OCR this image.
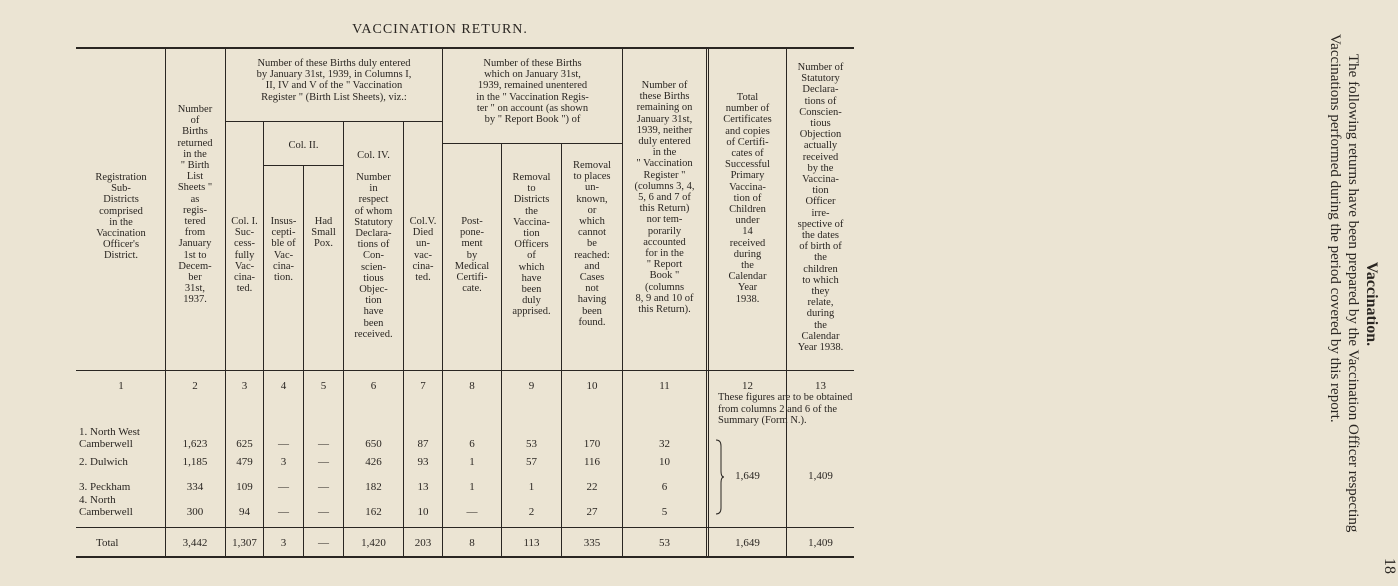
VACCINATION RETURN.
18
Vaccination.
The following returns have been prepared by the Vaccination Officer respecting Vaccinations performed during the period covered by this report.
Registration
Sub-
Districts
comprised
in the
Vaccination
Officer's
District.
Number
of
Births
returned
in the
" Birth
List
Sheets "
as
regis-
tered
from
January
1st to
Decem-
ber
31st,
1937.
Number of these Births duly entered
by January 31st, 1939, in Columns I,
II, IV and V of the " Vaccination
Register " (Birth List Sheets), viz.:
Col. I.
Suc-
cess-
fully
Vac-
cina-
ted.
Col. II.
Insus-
cepti-
ble of
Vac-
cina-
tion.
Had
Small
Pox.
Col. IV.
Number
in
respect
of whom
Statutory
Declara-
tions of
Con-
scien-
tious
Objec-
tion
have
been
received.
Col.V.
Died
un-
vac-
cina-
ted.
Number of these Births
which on January 31st,
1939, remained unentered
in the " Vaccination Regis-
ter " on account (as shown
by " Report Book ") of
Post-
pone-
ment
by
Medical
Certifi-
cate.
Removal
to
Districts
the
Vaccina-
tion
Officers
of
which
have
been
duly
apprised.
Removal
to places
un-
known,
or
which
cannot
be
reached:
and
Cases
not
having
been
found.
Number of
these Births
remaining on
January 31st,
1939, neither
duly entered
in the
" Vaccination
Register "
(columns 3, 4,
5, 6 and 7 of
this Return)
nor tem-
porarily
accounted
for in the
" Report
Book "
(columns
8, 9 and 10 of
this Return).
Total
number of
Certificates
and copies
of Certifi-
cates of
Successful
Primary
Vaccina-
tion of
Children
under
14
received
during
the
Calendar
Year
1938.
Number of
Statutory
Declara-
tions of
Conscien-
tious
Objection
actually
received
by the
Vaccina-
tion
Officer
irre-
spective of
the dates
of birth of
the
children
to which
they
relate,
during
the
Calendar
Year 1938.
1	2	3	4	5	6	7	8	9	10	11	12	13
These figures are to be obtained from columns 2 and 6 of the Summary (Form N.).
1. North West
Camberwell	1,623	625	—	—	650	87	6	53	170	32
2. Dulwich	1,185	479	3	—	426	93	1	57	116	10
3. Peckham	334	109	—	—	182	13	1	1	22	6
4. North
Camberwell	300	94	—	—	162	10	—	2	27	5
1,649	1,409
Total	3,442	1,307	3	—	1,420	203	8	113	335	53	1,649	1,409
